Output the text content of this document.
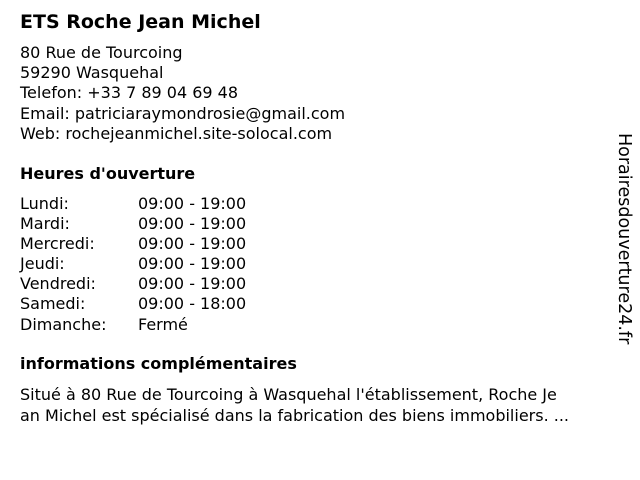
ETS Roche Jean Michel
80 Rue de Tourcoing
59290 Wasquehal
Telefon: +33 7 89 04 69 48
Email: patriciaraymondrosie@gmail.com
Web: rochejeanmichel.site-solocal.com
Heures d'ouverture
Lundi:	09:00 - 19:00
Mardi:	09:00 - 19:00
Mercredi:	09:00 - 19:00
Jeudi:	09:00 - 19:00
Vendredi:	09:00 - 19:00
Samedi:	09:00 - 18:00
Dimanche: Fermé
informations complémentaires
Situé à 80 Rue de Tourcoing à Wasquehal l'établissement, Roche Je
an Michel est spécialisé dans la fabrication des biens immobiliers. ...
Horairesdouverture24.fr
